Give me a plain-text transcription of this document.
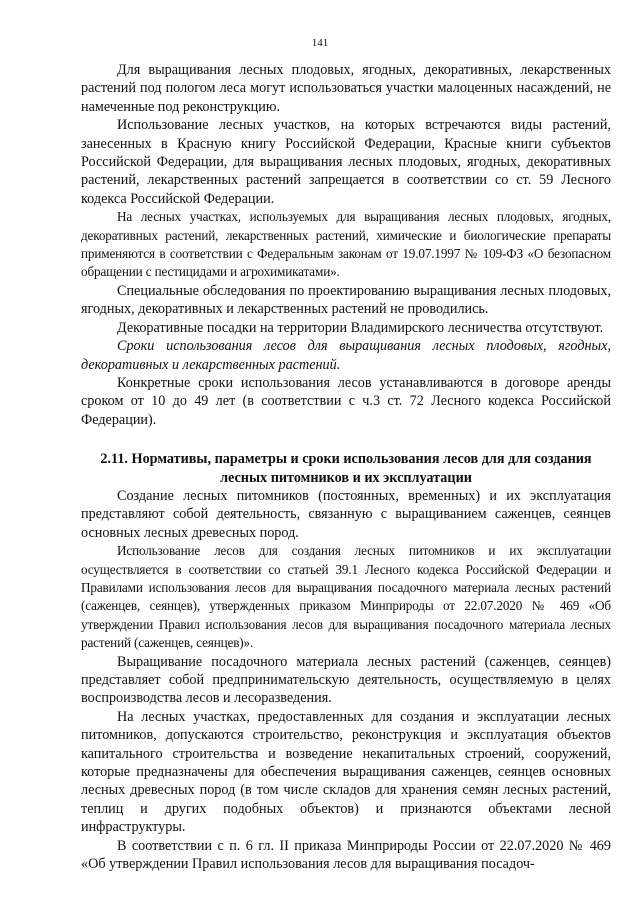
141

Для выращивания лесных плодовых, ягодных, декоративных, лекарственных растений под пологом леса могут использоваться участки малоценных насаждений, не намеченные под реконструкцию.

Использование лесных участков, на которых встречаются виды растений, занесенных в Красную книгу Российской Федерации, Красные книги субъектов Российской Федерации, для выращивания лесных плодовых, ягодных, декоративных растений, лекарственных растений запрещается в соответствии со ст. 59 Лесного кодекса Российской Федерации.

На лесных участках, используемых для выращивания лесных плодовых, ягодных, декоративных растений, лекарственных растений, химические и биологические препараты применяются в соответствии с Федеральным законам от 19.07.1997 № 109-ФЗ «О безопасном обращении с пестицидами и агрохимикатами».

Специальные обследования по проектированию выращивания лесных плодовых, ягодных, декоративных и лекарственных растений не проводились.

Декоративные посадки на территории Владимирского лесничества отсутствуют.

Сроки использования лесов для выращивания лесных плодовых, ягодных, декоративных и лекарственных растений.

Конкретные сроки использования лесов устанавливаются в договоре аренды сроком от 10 до 49 лет (в соответствии с ч.3 ст. 72 Лесного кодекса Российской Федерации).

2.11. Нормативы, параметры и сроки использования лесов для для создания лесных питомников и их эксплуатации

Создание лесных питомников (постоянных, временных) и их эксплуатация представляют собой деятельность, связанную с выращиванием саженцев, сеянцев основных лесных древесных пород.

Использование лесов для создания лесных питомников и их эксплуатации осуществляется в соответствии со статьей 39.1 Лесного кодекса Российской Федерации и Правилами использования лесов для выращивания посадочного материала лесных растений (саженцев, сеянцев), утвержденных приказом Минприроды от 22.07.2020 № 469 «Об утверждении Правил использования лесов для выращивания посадочного материала лесных растений (саженцев, сеянцев)».

Выращивание посадочного материала лесных растений (саженцев, сеянцев) представляет собой предпринимательскую деятельность, осуществляемую в целях воспроизводства лесов и лесоразведения.

На лесных участках, предоставленных для создания и эксплуатации лесных питомников, допускаются строительство, реконструкция и эксплуатация объектов капитального строительства и возведение некапитальных строений, сооружений, которые предназначены для обеспечения выращивания саженцев, сеянцев основных лесных древесных пород (в том числе складов для хранения семян лесных растений, теплиц и других подобных объектов) и признаются объектами лесной инфраструктуры.

В соответствии с п. 6 гл. II приказа Минприроды России от 22.07.2020 № 469 «Об утверждении Правил использования лесов для выращивания посадоч-
